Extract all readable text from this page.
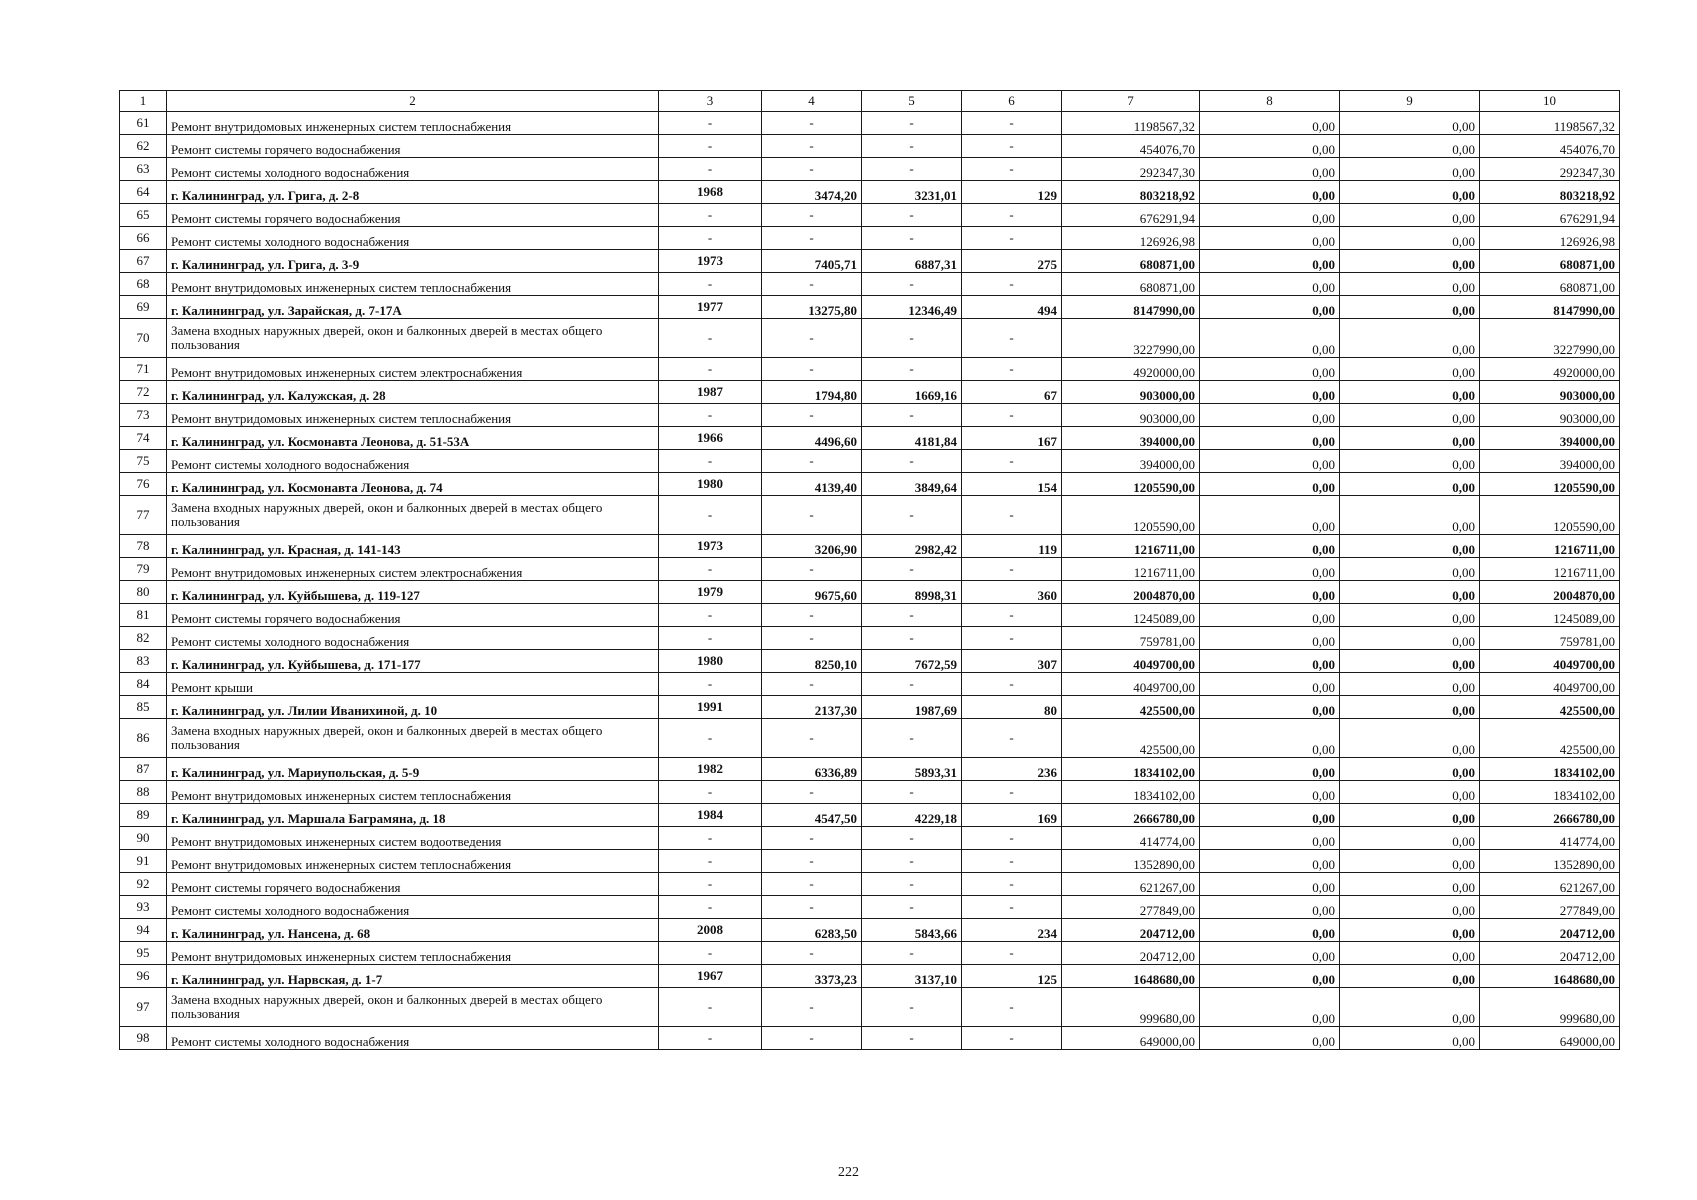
1	2	3	4	5	6	7	8	9	10
61	Ремонт внутридомовых инженерных систем теплоснабжения	-	-	-	-	1198567,32	0,00	0,00	1198567,32
62	Ремонт системы горячего водоснабжения	-	-	-	-	454076,70	0,00	0,00	454076,70
63	Ремонт системы холодного водоснабжения	-	-	-	-	292347,30	0,00	0,00	292347,30
64	г. Калининград, ул. Грига, д. 2-8	1968	3474,20	3231,01	129	803218,92	0,00	0,00	803218,92
65	Ремонт системы горячего водоснабжения	-	-	-	-	676291,94	0,00	0,00	676291,94
66	Ремонт системы холодного водоснабжения	-	-	-	-	126926,98	0,00	0,00	126926,98
67	г. Калининград, ул. Грига, д. 3-9	1973	7405,71	6887,31	275	680871,00	0,00	0,00	680871,00
68	Ремонт внутридомовых инженерных систем теплоснабжения	-	-	-	-	680871,00	0,00	0,00	680871,00
69	г. Калининград, ул. Зарайская, д. 7-17А	1977	13275,80	12346,49	494	8147990,00	0,00	0,00	8147990,00
70	Замена входных наружных дверей, окон и балконных дверей в местах общего пользования	-	-	-	-	3227990,00	0,00	0,00	3227990,00
71	Ремонт внутридомовых инженерных систем электроснабжения	-	-	-	-	4920000,00	0,00	0,00	4920000,00
72	г. Калининград, ул. Калужская, д. 28	1987	1794,80	1669,16	67	903000,00	0,00	0,00	903000,00
73	Ремонт внутридомовых инженерных систем теплоснабжения	-	-	-	-	903000,00	0,00	0,00	903000,00
74	г. Калининград, ул. Космонавта Леонова, д. 51-53А	1966	4496,60	4181,84	167	394000,00	0,00	0,00	394000,00
75	Ремонт системы холодного водоснабжения	-	-	-	-	394000,00	0,00	0,00	394000,00
76	г. Калининград, ул. Космонавта Леонова, д. 74	1980	4139,40	3849,64	154	1205590,00	0,00	0,00	1205590,00
77	Замена входных наружных дверей, окон и балконных дверей в местах общего пользования	-	-	-	-	1205590,00	0,00	0,00	1205590,00
78	г. Калининград, ул. Красная, д. 141-143	1973	3206,90	2982,42	119	1216711,00	0,00	0,00	1216711,00
79	Ремонт внутридомовых инженерных систем электроснабжения	-	-	-	-	1216711,00	0,00	0,00	1216711,00
80	г. Калининград, ул. Куйбышева, д. 119-127	1979	9675,60	8998,31	360	2004870,00	0,00	0,00	2004870,00
81	Ремонт системы горячего водоснабжения	-	-	-	-	1245089,00	0,00	0,00	1245089,00
82	Ремонт системы холодного водоснабжения	-	-	-	-	759781,00	0,00	0,00	759781,00
83	г. Калининград, ул. Куйбышева, д. 171-177	1980	8250,10	7672,59	307	4049700,00	0,00	0,00	4049700,00
84	Ремонт крыши	-	-	-	-	4049700,00	0,00	0,00	4049700,00
85	г. Калининград, ул. Лилии Иванихиной, д. 10	1991	2137,30	1987,69	80	425500,00	0,00	0,00	425500,00
86	Замена входных наружных дверей, окон и балконных дверей в местах общего пользования	-	-	-	-	425500,00	0,00	0,00	425500,00
87	г. Калининград, ул. Мариупольская, д. 5-9	1982	6336,89	5893,31	236	1834102,00	0,00	0,00	1834102,00
88	Ремонт внутридомовых инженерных систем теплоснабжения	-	-	-	-	1834102,00	0,00	0,00	1834102,00
89	г. Калининград, ул. Маршала Баграмяна, д. 18	1984	4547,50	4229,18	169	2666780,00	0,00	0,00	2666780,00
90	Ремонт внутридомовых инженерных систем водоотведения	-	-	-	-	414774,00	0,00	0,00	414774,00
91	Ремонт внутридомовых инженерных систем теплоснабжения	-	-	-	-	1352890,00	0,00	0,00	1352890,00
92	Ремонт системы горячего водоснабжения	-	-	-	-	621267,00	0,00	0,00	621267,00
93	Ремонт системы холодного водоснабжения	-	-	-	-	277849,00	0,00	0,00	277849,00
94	г. Калининград, ул. Нансена, д. 68	2008	6283,50	5843,66	234	204712,00	0,00	0,00	204712,00
95	Ремонт внутридомовых инженерных систем теплоснабжения	-	-	-	-	204712,00	0,00	0,00	204712,00
96	г. Калининград, ул. Нарвская, д. 1-7	1967	3373,23	3137,10	125	1648680,00	0,00	0,00	1648680,00
97	Замена входных наружных дверей, окон и балконных дверей в местах общего пользования	-	-	-	-	999680,00	0,00	0,00	999680,00
98	Ремонт системы холодного водоснабжения	-	-	-	-	649000,00	0,00	0,00	649000,00
222
